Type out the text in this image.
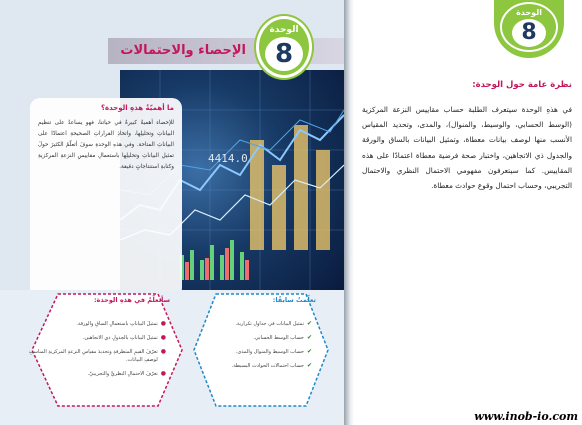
4414.0
الإحصاء والاحتمالات
الوحدة
8
ما أهميّةُ هذهِ الوحدة؟
للإحصاء أهميةٌ كبيرةٌ في حياتنا، فهو يساعدُ على تنظيمِ البياناتِ وتحليلِها، واتخاذِ القراراتِ الصحيحةِ اعتمادًا على البياناتِ المتاحة. وفي هذهِ الوحدةِ سوفَ أتعلّمُ الكثيرَ حولَ تمثيلِ البياناتِ وتحليلِها باستعمالِ مقاييسِ النزعةِ المركزيةِ وكتابةِ استنتاجاتٍ دقيقة.
سأتعلّمُ في هذهِ الوحدة:
●
تمثيلَ البياناتِ باستعمالِ الساقِ والورقة.
●
تمثيلَ البياناتِ بالجدولِ ذي الاتجاهين.
●
تعرّفَ القيمِ المتطرفةِ وتحديدَ مقياسِ النزعةِ المركزيةِ المناسبِ لوصفِ البيانات.
●
تعرّفَ الاحتمالِ النظريِّ والتجريبيّ.
تعلّمتُ سابقًا:
✔
تمثيل البيانات في جداول تكرارية.
✔
حساب الوسط الحسابي.
✔
حساب الوسيط والمنوال والمدى.
✔
حساب احتمالات الحوادث البسيطة.
الوحدة
8
نظرة عامة حول الوحدة:
في هذهِ الوحدة سيتعرف الطلبة حساب مقاييس النزعة المركزية (الوسط الحسابي، والوسيط، والمنوال)، والمدى، وتحديد المقياس الأنسب منها لوصف بيانات معطاة، وتمثيل البيانات بالساق والورقة والجدول ذي الاتجاهين، واختبار صحة فرضية معطاة اعتمادًا على هذه المقاييس. كما سيتعرفون مفهومي الاحتمال النظري والاحتمال التجريبي، وحساب احتمال وقوع حوادث معطاة.
www.inob-io.com
